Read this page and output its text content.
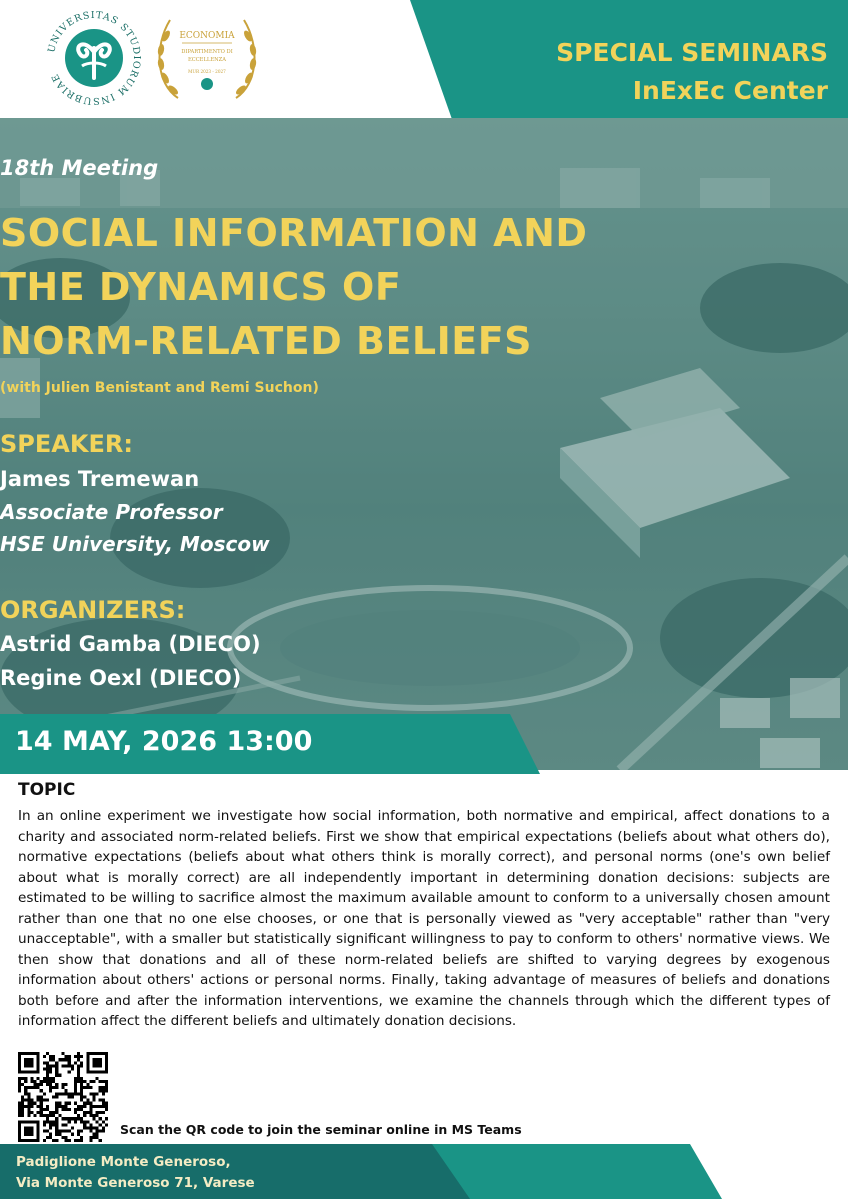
UNIVERSITAS STUDIORUM INSUBRIAE
ECONOMIA
DIPARTIMENTO DI
ECCELLENZA
MUR 2023 - 2027
SPECIAL SEMINARS
InExEc Center
18th Meeting
SOCIAL INFORMATION AND
THE DYNAMICS OF
NORM-RELATED BELIEFS
(with Julien Benistant and Remi Suchon)
SPEAKER:
James Tremewan
Associate Professor
HSE University, Moscow
ORGANIZERS:
Astrid Gamba (DIECO)
Regine Oexl (DIECO)
14 MAY, 2026 13:00
TOPIC
In an online experiment we investigate how social information, both normative and empirical, affect donations to a charity and associated norm-related beliefs. First we show that empirical expectations (beliefs about what others do), normative expectations (beliefs about what others think is morally correct), and personal norms (one's own belief about what is morally correct) are all independently important in determining donation decisions: subjects are estimated to be willing to sacrifice almost the maximum available amount to conform to a universally chosen amount rather than one that no one else chooses, or one that is personally viewed as "very acceptable" rather than "very unacceptable", with a smaller but statistically significant willingness to pay to conform to others' normative views. We then show that donations and all of these norm-related beliefs are shifted to varying degrees by exogenous information about others' actions or personal norms. Finally, taking advantage of measures of beliefs and donations both before and after the information interventions, we examine the channels through which the different types of information affect the different beliefs and ultimately donation decisions.
Scan the QR code to join the seminar online in MS Teams
Padiglione Monte Generoso,
Via Monte Generoso 71, Varese
